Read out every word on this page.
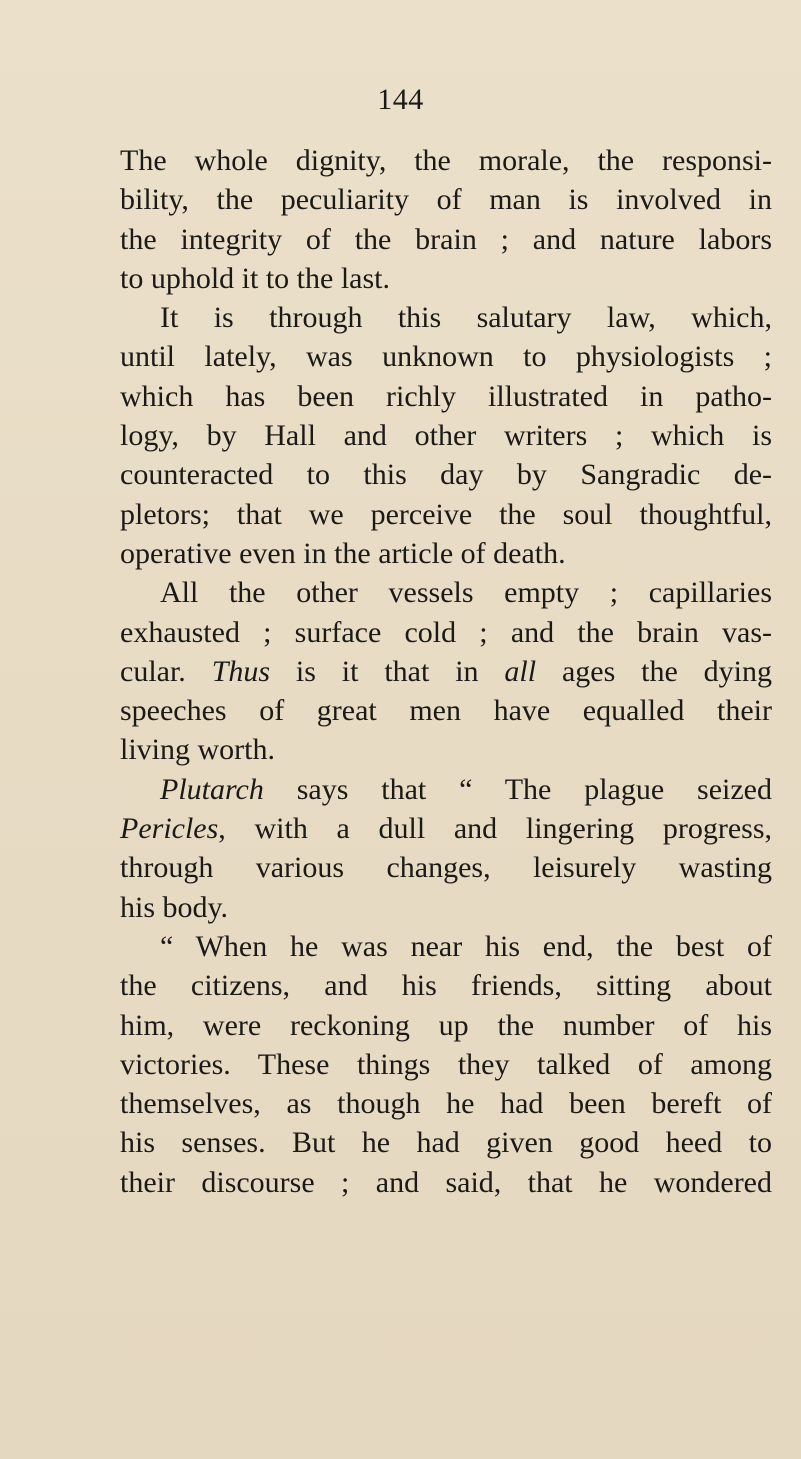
144
The whole dignity, the morale, the responsi-
bility, the peculiarity of man is involved in
the integrity of the brain ; and nature labors
to uphold it to the last.
It is through this salutary law, which,
until lately, was unknown to physiologists ;
which has been richly illustrated in patho-
logy, by Hall and other writers ; which is
counteracted to this day by Sangradic de-
pletors; that we perceive the soul thoughtful,
operative even in the article of death.
All the other vessels empty ; capillaries
exhausted ; surface cold ; and the brain vas-
cular. Thus is it that in all ages the dying
speeches of great men have equalled their
living worth.
Plutarch says that “ The plague seized
Pericles, with a dull and lingering progress,
through various changes, leisurely wasting
his body.
“ When he was near his end, the best of
the citizens, and his friends, sitting about
him, were reckoning up the number of his
victories. These things they talked of among
themselves, as though he had been bereft of
his senses. But he had given good heed to
their discourse ; and said, that he wondered
